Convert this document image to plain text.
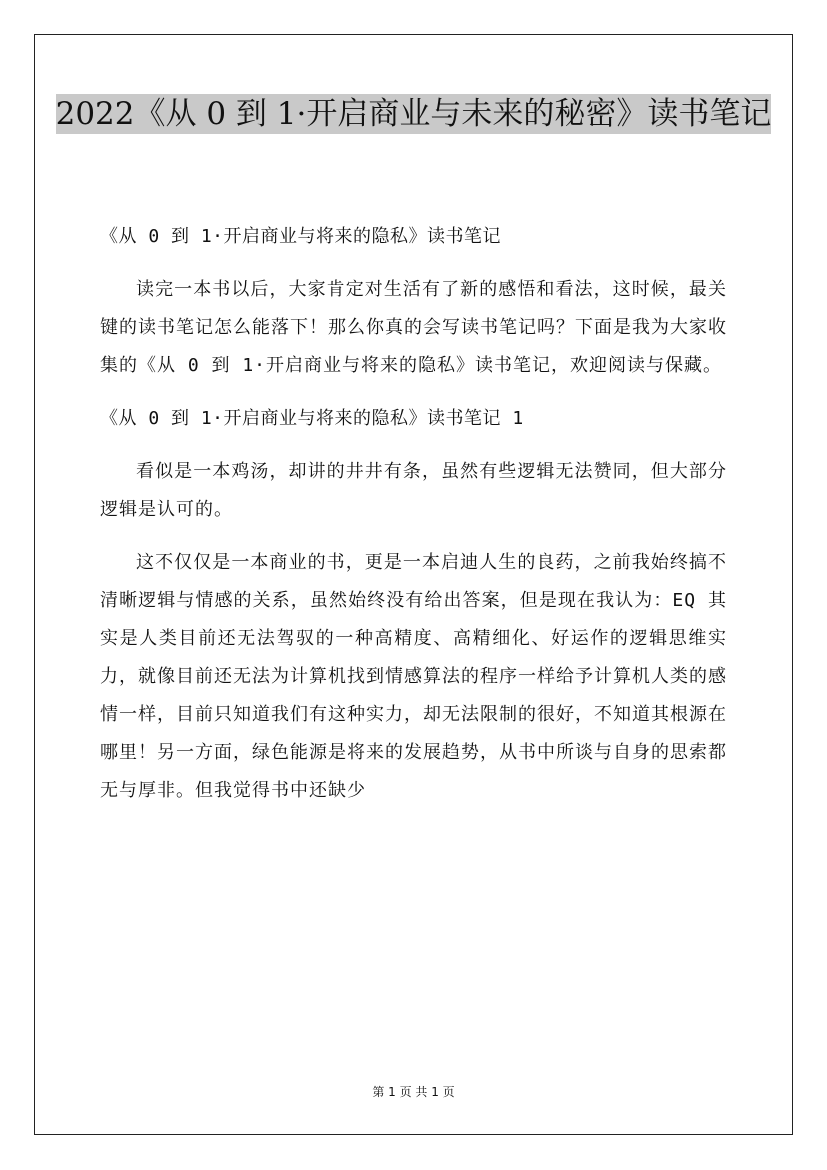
2022《从 0 到 1·开启商业与未来的秘密》读书笔记

《从 0 到 1·开启商业与将来的隐私》读书笔记

读完一本书以后，大家肯定对生活有了新的感悟和看法，这时候，最关键的读书笔记怎么能落下！那么你真的会写读书笔记吗？下面是我为大家收集的《从 0 到 1·开启商业与将来的隐私》读书笔记，欢迎阅读与保藏。

《从 0 到 1·开启商业与将来的隐私》读书笔记 1

看似是一本鸡汤，却讲的井井有条，虽然有些逻辑无法赞同，但大部分逻辑是认可的。

这不仅仅是一本商业的书，更是一本启迪人生的良药，之前我始终搞不清晰逻辑与情感的关系，虽然始终没有给出答案，但是现在我认为：EQ 其实是人类目前还无法驾驭的一种高精度、高精细化、好运作的逻辑思维实力，就像目前还无法为计算机找到情感算法的程序一样给予计算机人类的感情一样，目前只知道我们有这种实力，却无法限制的很好，不知道其根源在哪里！另一方面，绿色能源是将来的发展趋势，从书中所谈与自身的思索都无与厚非。但我觉得书中还缺少

第 1 页 共 1 页
